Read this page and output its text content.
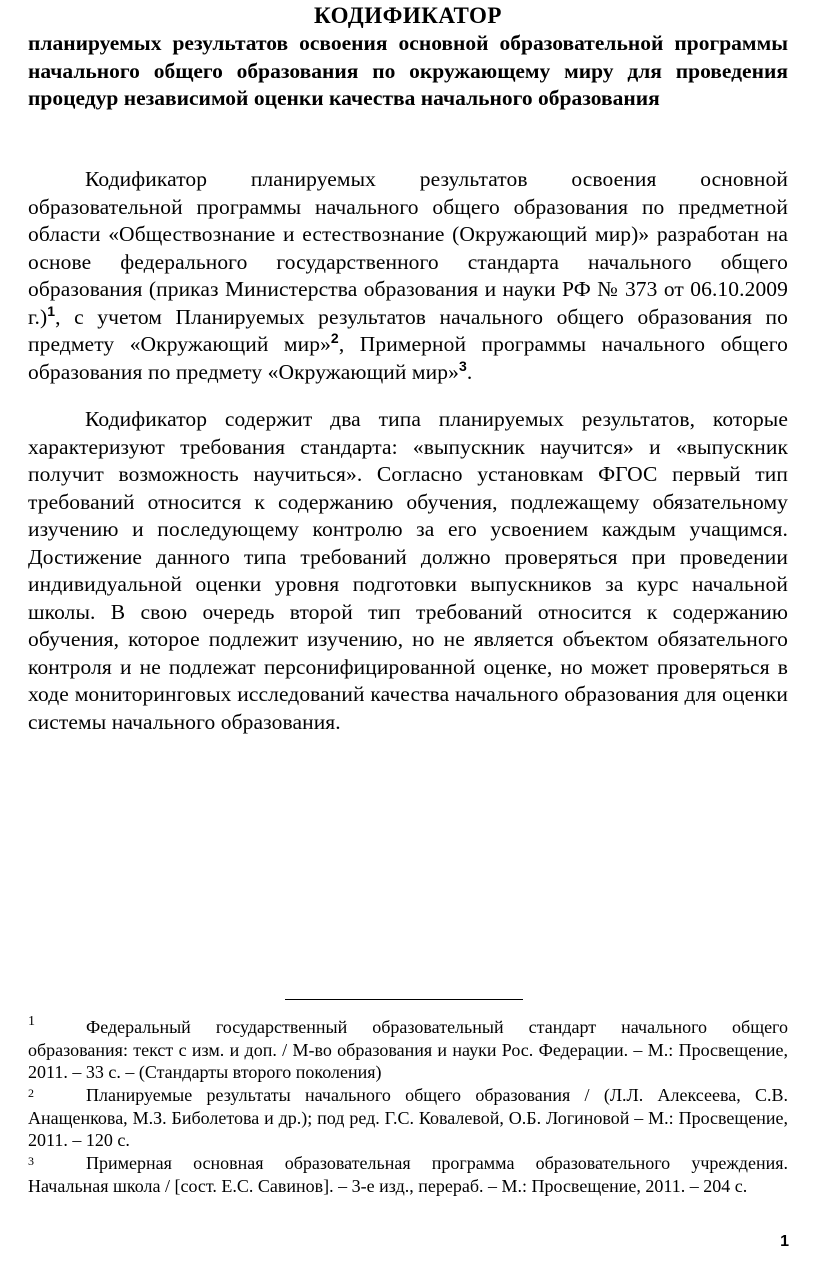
КОДИФИКАТОР

планируемых результатов освоения основной образовательной программы начального общего образования по окружающему миру для проведения процедур независимой оценки качества начального образования

Кодификатор планируемых результатов освоения основной образовательной программы начального общего образования по предметной области «Обществознание и естествознание (Окружающий мир)» разработан на основе федерального государственного стандарта начального общего образования (приказ Министерства образования и науки РФ № 373 от 06.10.2009 г.)$^1$, с учетом Планируемых результатов начального общего образования по предмету «Окружающий мир»$^2$, Примерной программы начального общего образования по предмету «Окружающий мир»$^3$.

Кодификатор содержит два типа планируемых результатов, которые характеризуют требования стандарта: «выпускник научится» и «выпускник получит возможность научиться». Согласно установкам ФГОС первый тип требований относится к содержанию обучения, подлежащему обязательному изучению и последующему контролю за его усвоением каждым учащимся. Достижение данного типа требований должно проверяться при проведении индивидуальной оценки уровня подготовки выпускников за курс начальной школы. В свою очередь второй тип требований относится к содержанию обучения, которое подлежит изучению, но не является объектом обязательного контроля и не подлежат персонифицированной оценке, но может проверяться в ходе мониторинговых исследований качества начального образования для оценки системы начального образования.

1	Федеральный государственный образовательный стандарт начального общего образования: текст с изм. и доп. / М-во образования и науки Рос. Федерации. – М.: Просвещение, 2011. – 33 с. – (Стандарты второго поколения)

2	Планируемые результаты начального общего образования / (Л.Л. Алексеева, С.В. Анащенкова, М.З. Биболетова и др.); под ред. Г.С. Ковалевой, О.Б. Логиновой – М.: Просвещение, 2011. – 120 с.

3	Примерная основная образовательная программа образовательного учреждения. Начальная школа / [сост. Е.С. Савинов]. – 3-е изд., перераб. – М.: Просвещение, 2011. – 204 с.

1
